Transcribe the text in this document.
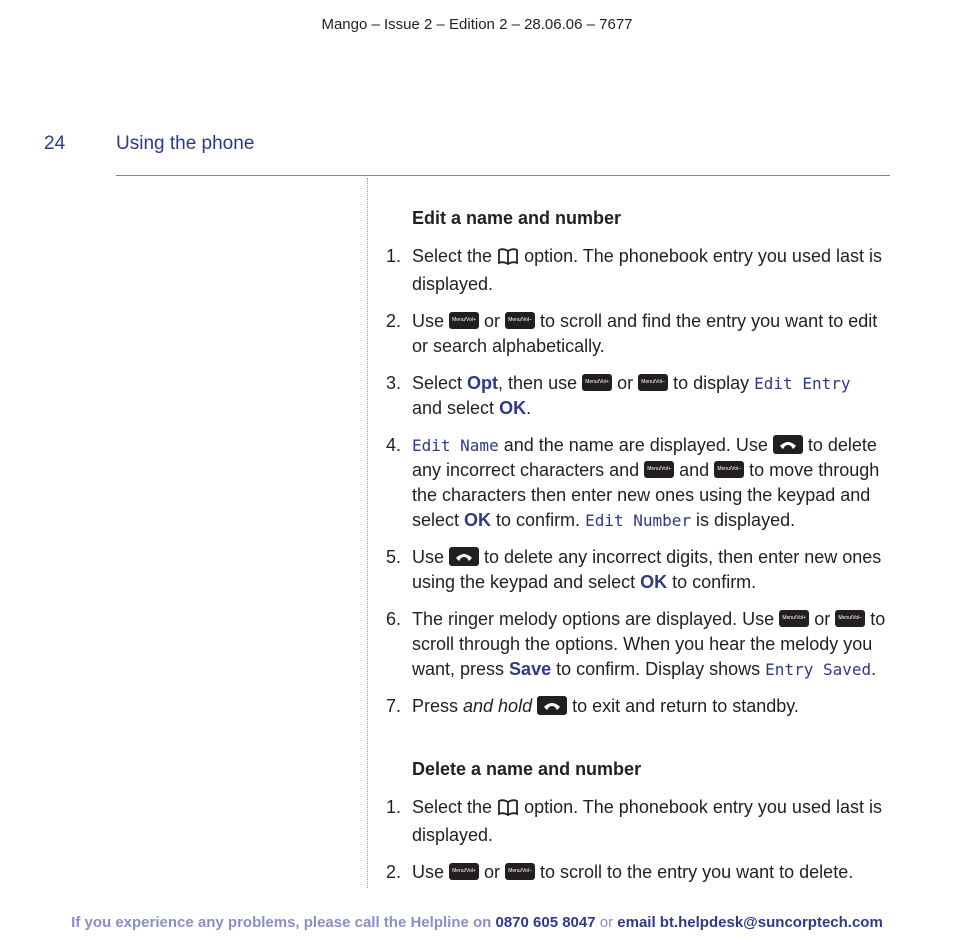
Mango – Issue 2 – Edition 2 – 28.06.06 – 7677
24	Using the phone
Edit a name and number
1. Select the  option. The phonebook entry you used last is displayed.
2. Use Menu/Vol+ or Menu/Vol– to scroll and find the entry you want to edit or search alphabetically.
3. Select Opt, then use Menu/Vol+ or Menu/Vol– to display Edit Entry
and select OK.
4. Edit Name and the name are displayed. Use
to delete any incorrect characters and Menu/Vol+ and Menu/Vol– to move through the characters then enter new ones using the keypad and select OK to confirm. Edit Number is displayed.
5. Use
to delete any incorrect digits, then enter new ones using the keypad and select OK to confirm.
6. The ringer melody options are displayed. Use Menu/Vol+ or Menu/Vol– to scroll through the options. When you hear the melody you want, press Save to confirm. Display shows Entry Saved.
7. Press and hold
to exit and return to standby.
Delete a name and number
1. Select the  option. The phonebook entry you used last is displayed.
2. Use Menu/Vol+ or Menu/Vol– to scroll to the entry you want to delete.
If you experience any problems, please call the Helpline on 0870 605 8047 or email bt.helpdesk@suncorptech.com
